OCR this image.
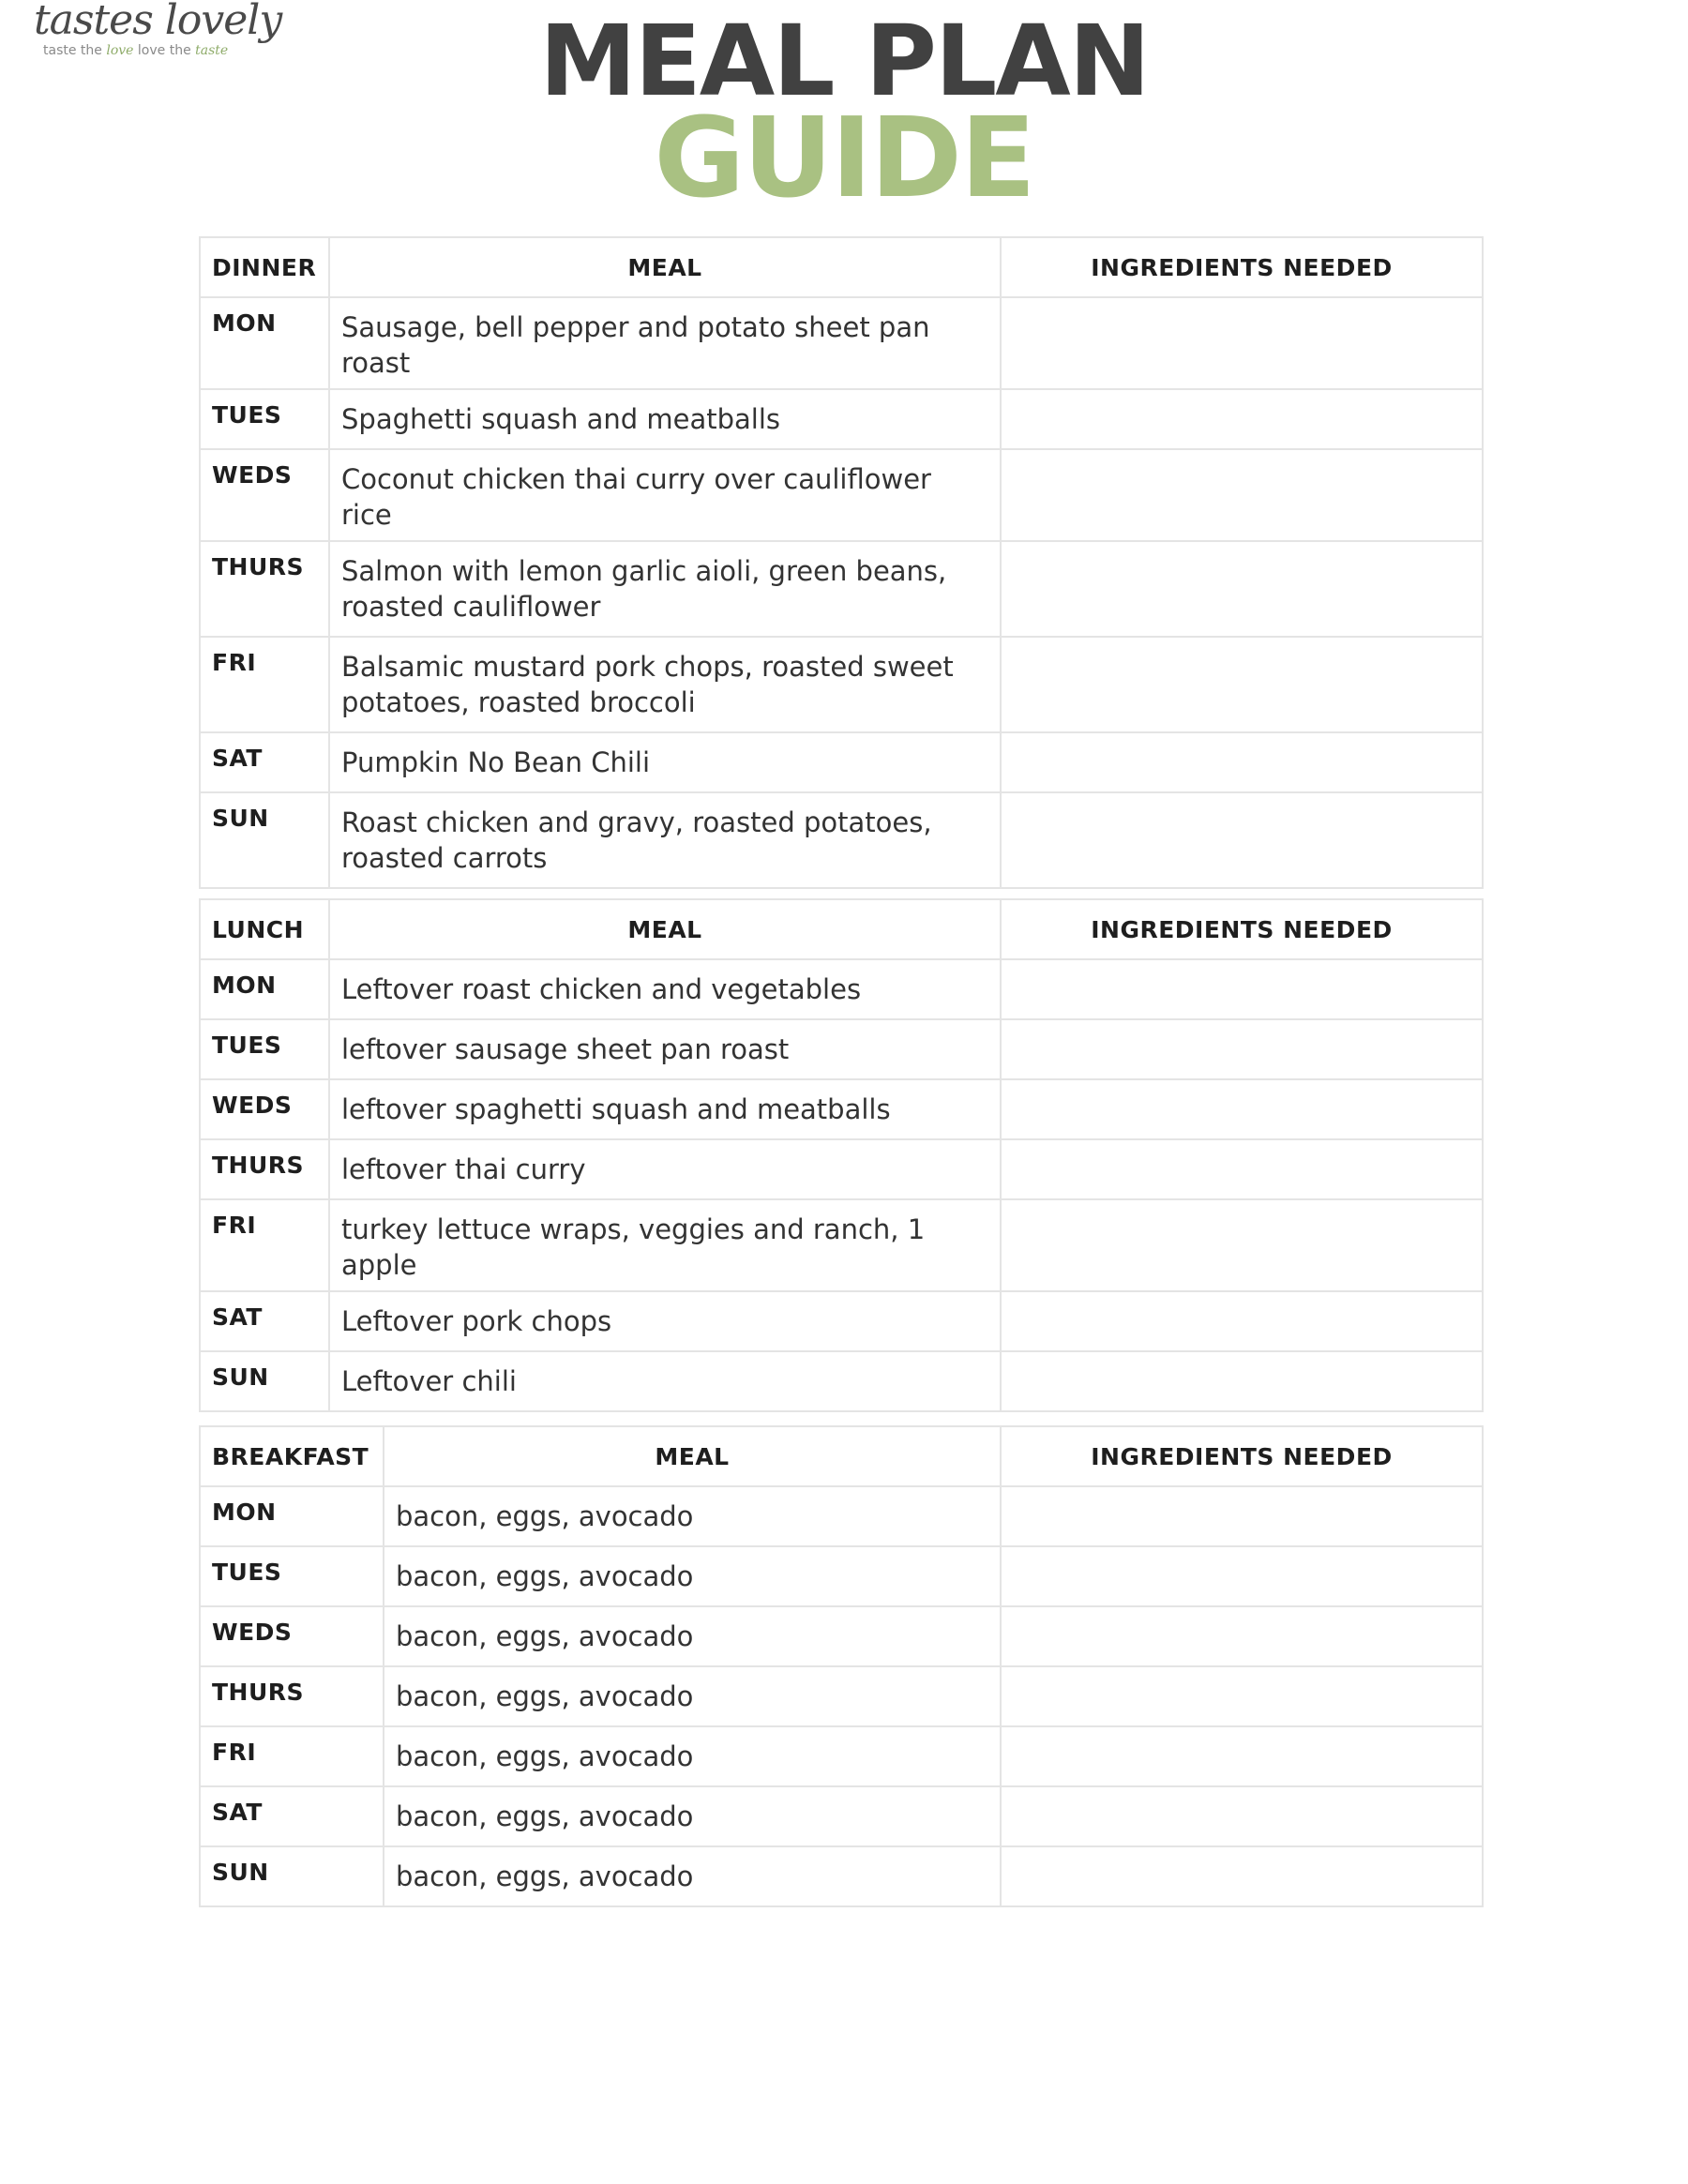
tastes lovely
taste the love love the taste	MEAL PLAN
GUIDE
DINNER	MEAL	INGREDIENTS NEEDED
MON	Sausage, bell pepper and potato sheet pan roast	
TUES	Spaghetti squash and meatballs	
WEDS	Coconut chicken thai curry over cauliflower rice	
THURS	Salmon with lemon garlic aioli, green beans, roasted cauliflower	
FRI	Balsamic mustard pork chops, roasted sweet potatoes, roasted broccoli	
SAT	Pumpkin No Bean Chili	
SUN	Roast chicken and gravy, roasted potatoes, roasted carrots	
LUNCH	MEAL	INGREDIENTS NEEDED
MON	Leftover roast chicken and vegetables	
TUES	leftover sausage sheet pan roast	
WEDS	leftover spaghetti squash and meatballs	
THURS	leftover thai curry	
FRI	turkey lettuce wraps, veggies and ranch, 1 apple	
SAT	Leftover pork chops	
SUN	Leftover chili	
BREAKFAST	MEAL	INGREDIENTS NEEDED
MON	bacon, eggs, avocado	
TUES	bacon, eggs, avocado	
WEDS	bacon, eggs, avocado	
THURS	bacon, eggs, avocado	
FRI	bacon, eggs, avocado	
SAT	bacon, eggs, avocado	
SUN	bacon, eggs, avocado	
